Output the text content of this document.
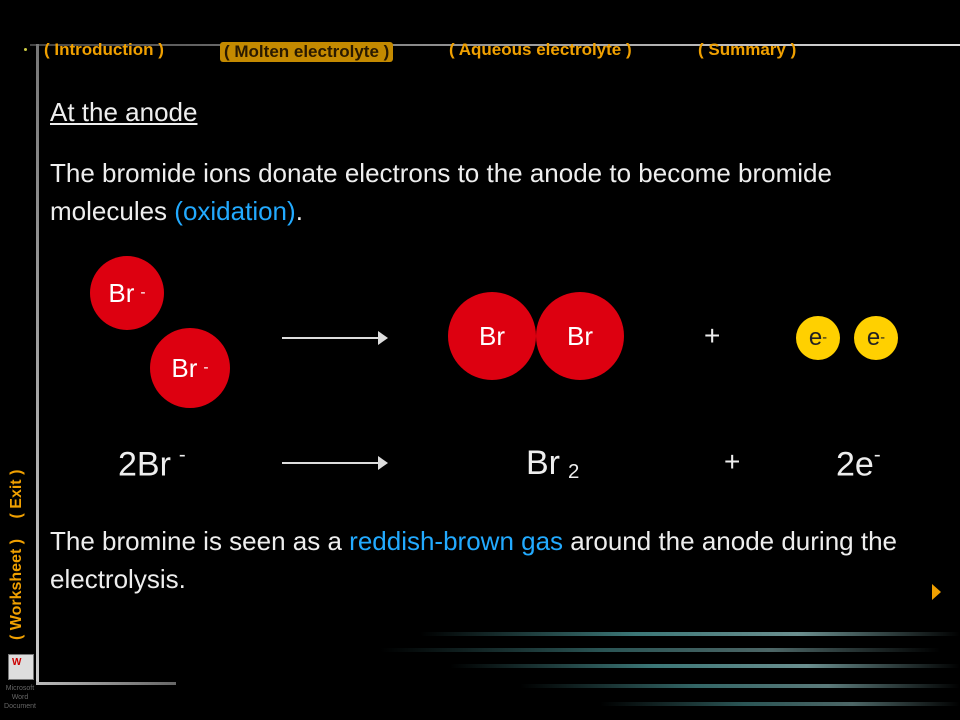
( Introduction )	( Molten electrolyte )	( Aqueous electrolyte )	( Summary )
( Worksheet ) ( Exit )
At the anode
The bromide ions donate electrons to the anode to become bromide molecules (oxidation).
Br -
Br -
Br Br	+	e - e -
2Br -	Br $_2$	+	2e-
The bromine is seen as a reddish-brown gas around the anode during the electrolysis.
W
Microsoft Word Document
